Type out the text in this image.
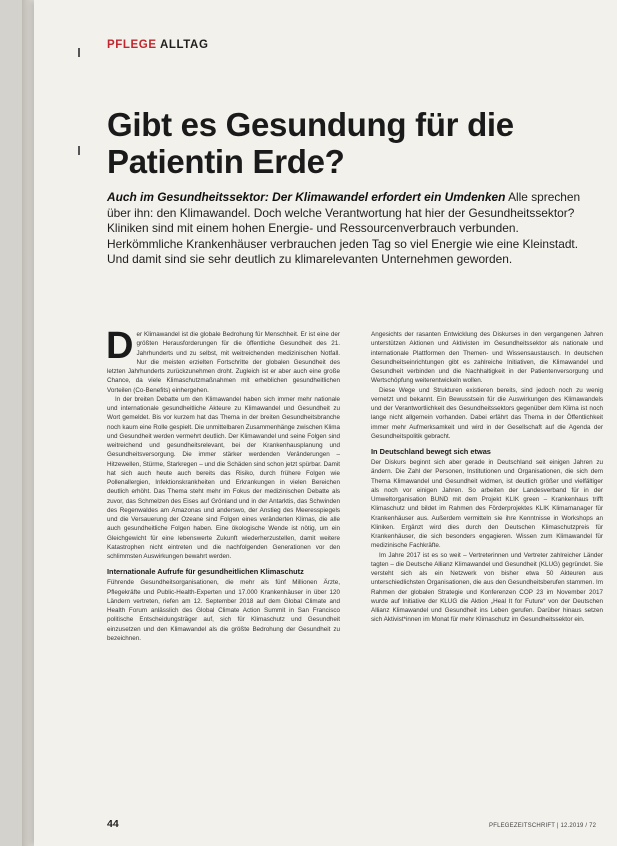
PFLEGE ALLTAG
Gibt es Gesundung für die
Patientin Erde?

Auch im Gesundheitssektor: Der Klimawandel erfordert ein Umdenken Alle sprechen über ihn: den Klimawandel. Doch welche Verantwortung hat hier der Gesundheitssektor? Kliniken sind mit einem hohen Energie- und Ressourcenverbrauch verbunden. Herkömmliche Krankenhäuser verbrauchen jeden Tag so viel Energie wie eine Kleinstadt. Und damit sind sie sehr deutlich zu klimarelevanten Unternehmen geworden.

Der Klimawandel ist die globale Bedrohung für Menschheit. Er ist eine der größten Herausforderungen für die öffentliche Gesundheit des 21. Jahrhunderts und zu selbst, mit weitreichenden medizinischen Notfall. Nur die meisten erzielten Fortschritte der globalen Gesundheit des letzten Jahrhunderts zurückzunehmen droht. Zugleich ist er aber auch eine große Chance, da viele Klimaschutzmaßnahmen mit erheblichen gesundheitlichen Vorteilen (Co-Benefits) einhergehen.

In der breiten Debatte um den Klimawandel haben sich immer mehr nationale und internationale gesundheitliche Akteure zu Klimawandel und Gesundheit zu Wort gemeldet. Bis vor kurzem hat das Thema in der breiten Gesundheitsbranche noch kaum eine Rolle gespielt. Die unmittelbaren Zusammenhänge zwischen Klima und Gesundheit werden vermehrt deutlich. Der Klimawandel und seine Folgen sind weitreichend und gesundheitsrelevant, bei der Krankenhausplanung und Gesundheitsversorgung. Die immer stärker werdenden Veränderungen – Hitzewellen, Stürme, Starkregen – und die Schäden sind schon jetzt spürbar. Damit hat sich auch heute auch bereits das Risiko, durch frühere Folgen wie Pollenallergien, Infektionskrankheiten und Erkrankungen in vielen Bereichen deutlich erhöht. Das Thema steht mehr im Fokus der medizinischen Debatte als zuvor, das Schmelzen des Eises auf Grönland und in der Antarktis, das Schwinden des Regenwaldes am Amazonas und anderswo, der Anstieg des Meeresspiegels und die Versauerung der Ozeane sind Folgen eines veränderten Klimas, die alle auch gesundheitliche Folgen haben. Eine ökologische Wende ist nötig, um ein Gleichgewicht für eine lebenswerte Zukunft wiederherzustellen, damit weitere Katastrophen nicht eintreten und die nachfolgenden Generationen vor den schlimmsten Auswirkungen bewahrt werden.

Internationale Aufrufe für gesundheitlichen Klimaschutz

Führende Gesundheitsorganisationen, die mehr als fünf Millionen Ärzte, Pflegekräfte und Public-Health-Experten und 17.000 Krankenhäuser in über 120 Ländern vertreten, riefen am 12. September 2018 auf dem Global Climate and Health Forum anlässlich des Global Climate Action Summit in San Francisco politische Entscheidungsträger auf, sich für Klimaschutz und Gesundheit einzusetzen und den Klimawandel als die größte Bedrohung der Gesundheit zu bezeichnen.

Angesichts der rasanten Entwicklung des Diskurses in den vergangenen Jahren unterstützen Aktionen und Aktivisten im Gesundheitssektor als nationale und internationale Plattformen den Themen- und Wissensaustausch. In deutschen Gesundheitseinrichtungen gibt es zahlreiche Initiativen, die Klimawandel und Gesundheit verbinden und die Nachhaltigkeit in der Patientenversorgung und Wertschöpfung weiterentwickeln wollen.

Diese Wege und Strukturen existieren bereits, sind jedoch noch zu wenig vernetzt und bekannt. Ein Bewusstsein für die Auswirkungen des Klimawandels und der Verantwortlichkeit des Gesundheitssektors gegenüber dem Klima ist noch lange nicht allgemein vorhanden. Dabei erfährt das Thema in der Öffentlichkeit immer mehr Aufmerksamkeit und wird in der Gesellschaft auf die Agenda der Gesundheitspolitik gebracht.

In Deutschland bewegt sich etwas

Der Diskurs beginnt sich aber gerade in Deutschland seit einigen Jahren zu ändern. Die Zahl der Personen, Institutionen und Organisationen, die sich dem Thema Klimawandel und Gesundheit widmen, ist deutlich größer und vielfältiger als noch vor einigen Jahren. So arbeiten der Landesverband für in der Umweltorganisation BUND mit dem Projekt KLIK green – Krankenhaus trifft Klimaschutz und bildet im Rahmen des Förderprojektes KLIK Klimamanager für Krankenhäuser aus. Außerdem vermitteln sie ihre Kenntnisse in Workshops an Kliniken. Ergänzt wird dies durch den Deutschen Klimaschutzpreis für Krankenhäuser, die sich besonders engagieren. Wissen zum Klimawandel für medizinische Fachkräfte.

Im Jahre 2017 ist es so weit – Vertreterinnen und Vertreter zahlreicher Länder tagten – die Deutsche Allianz Klimawandel und Gesundheit (KLUG) gegründet. Sie versteht sich als ein Netzwerk von bisher etwa 50 Akteuren aus unterschiedlichsten Organisationen, die aus den Gesundheitsberufen stammen. Im Rahmen der globalen Strategie und Konferenzen COP 23 im November 2017 wurde auf Initiative der KLUG die Aktion „Heal It for Future“ von der Deutschen Allianz Klimawandel und Gesundheit ins Leben gerufen. Darüber hinaus setzen sich Aktivist*innen im Monat für mehr Klimaschutz im Gesundheitssektor ein.

44	PFLEGEZEITSCHRIFT | 12.2019 / 72
